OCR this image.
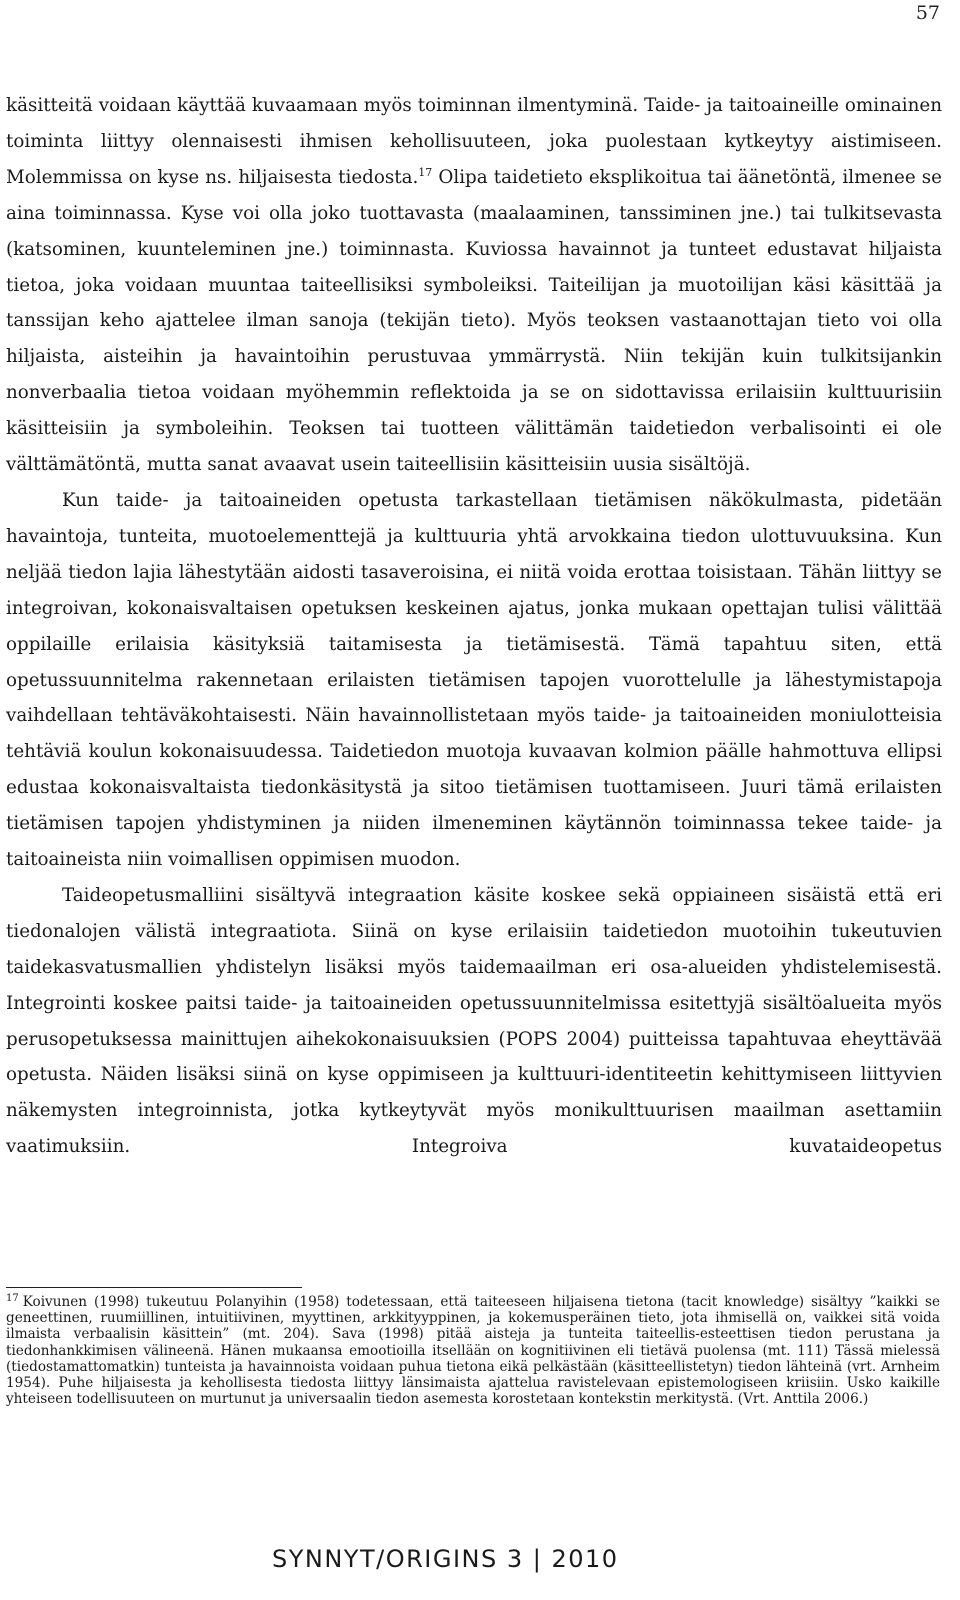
57

käsitteitä voidaan käyttää kuvaamaan myös toiminnan ilmentyminä. Taide- ja taitoaineille ominainen toiminta liittyy olennaisesti ihmisen kehollisuuteen, joka puolestaan kytkeytyy aistimiseen. Molemmissa on kyse ns. hiljaisesta tiedosta.$^{17}$ Olipa taidetieto eksplikoitua tai äänetöntä, ilmenee se aina toiminnassa. Kyse voi olla joko tuottavasta (maalaaminen, tanssiminen jne.) tai tulkitsevasta (katsominen, kuunteleminen jne.) toiminnasta. Kuviossa havainnot ja tunteet edustavat hiljaista tietoa, joka voidaan muuntaa taiteellisiksi symboleiksi. Taiteilijan ja muotoilijan käsi käsittää ja tanssijan keho ajattelee ilman sanoja (tekijän tieto). Myös teoksen vastaanottajan tieto voi olla hiljaista, aisteihin ja havaintoihin perustuvaa ymmärrystä. Niin tekijän kuin tulkitsijankin nonverbaalia tietoa voidaan myöhemmin reflektoida ja se on sidottavissa erilaisiin kulttuurisiin käsitteisiin ja symboleihin. Teoksen tai tuotteen välittämän taidetiedon verbalisointi ei ole välttämätöntä, mutta sanat avaavat usein taiteellisiin käsitteisiin uusia sisältöjä.

Kun taide- ja taitoaineiden opetusta tarkastellaan tietämisen näkökulmasta, pidetään havaintoja, tunteita, muotoelementtejä ja kulttuuria yhtä arvokkaina tiedon ulottuvuuksina. Kun neljää tiedon lajia lähestytään aidosti tasaveroisina, ei niitä voida erottaa toisistaan. Tähän liittyy se integroivan, kokonaisvaltaisen opetuksen keskeinen ajatus, jonka mukaan opettajan tulisi välittää oppilaille erilaisia käsityksiä taitamisesta ja tietämisestä. Tämä tapahtuu siten, että opetussuunnitelma rakennetaan erilaisten tietämisen tapojen vuorottelulle ja lähestymistapoja vaihdellaan tehtäväkohtaisesti. Näin havainnollistetaan myös taide- ja taitoaineiden moniulotteisia tehtäviä koulun kokonaisuudessa. Taidetiedon muotoja kuvaavan kolmion päälle hahmottuva ellipsi edustaa kokonaisvaltaista tiedonkäsitystä ja sitoo tietämisen tuottamiseen. Juuri tämä erilaisten tietämisen tapojen yhdistyminen ja niiden ilmeneminen käytännön toiminnassa tekee taide- ja taitoaineista niin voimallisen oppimisen muodon.

Taideopetusmalliini sisältyvä integraation käsite koskee sekä oppiaineen sisäistä että eri tiedonalojen välistä integraatiota. Siinä on kyse erilaisiin taidetiedon muotoihin tukeutuvien taidekasvatusmallien yhdistelyn lisäksi myös taidemaailman eri osa-alueiden yhdistelemisestä. Integrointi koskee paitsi taide- ja taitoaineiden opetussuunnitelmissa esitettyjä sisältöalueita myös perusopetuksessa mainittujen aihekokonaisuuksien (POPS 2004) puitteissa tapahtuvaa eheyttävää opetusta. Näiden lisäksi siinä on kyse oppimiseen ja kulttuuri-identiteetin kehittymiseen liittyvien näkemysten integroinnista, jotka kytkeytyvät myös monikulttuurisen maailman asettamiin vaatimuksiin. Integroiva kuvataideopetus

$^{17}$ Koivunen (1998) tukeutuu Polanyihin (1958) todetessaan, että taiteeseen hiljaisena tietona (tacit knowledge) sisältyy ”kaikki se geneettinen, ruumiillinen, intuitiivinen, myyttinen, arkkityyppinen, ja kokemusperäinen tieto, jota ihmisellä on, vaikkei sitä voida ilmaista verbaalisin käsittein” (mt. 204). Sava (1998) pitää aisteja ja tunteita taiteellis-esteettisen tiedon perustana ja tiedonhankkimisen välineenä. Hänen mukaansa emootioilla itsellään on kognitiivinen eli tietävä puolensa (mt. 111) Tässä mielessä (tiedostamattomatkin) tunteista ja havainnoista voidaan puhua tietona eikä pelkästään (käsitteellistetyn) tiedon lähteinä (vrt. Arnheim 1954). Puhe hiljaisesta ja kehollisesta tiedosta liittyy länsimaista ajattelua ravistelevaan epistemologiseen kriisiin. Usko kaikille yhteiseen todellisuuteen on murtunut ja universaalin tiedon asemesta korostetaan kontekstin merkitystä. (Vrt. Anttila 2006.)

SYNNYT/ORIGINS 3 | 2010
